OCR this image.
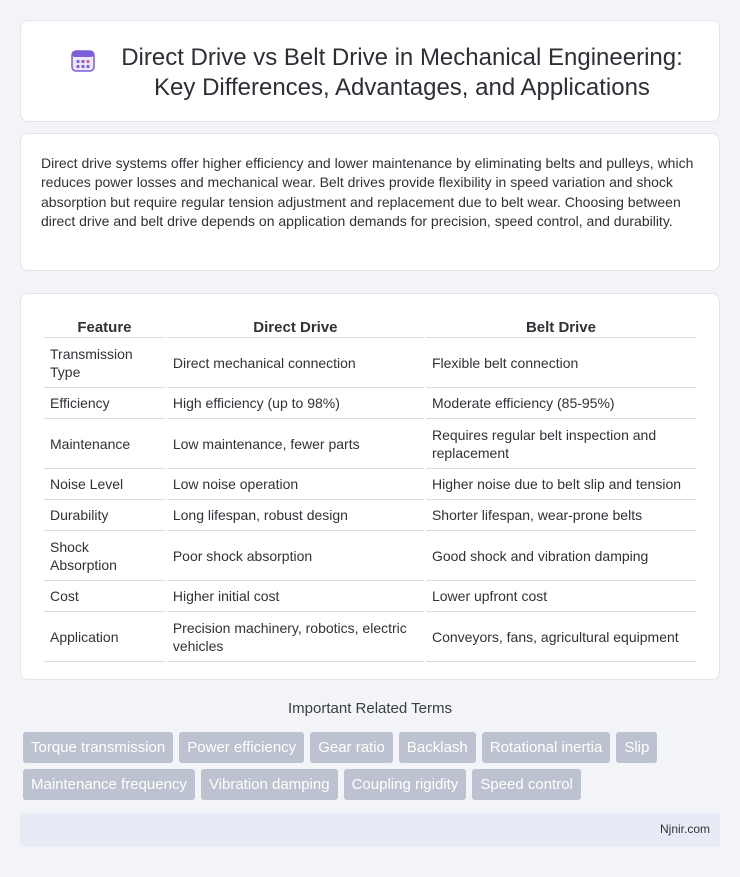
Direct Drive vs Belt Drive in Mechanical Engineering: Key Differences, Advantages, and Applications

Direct drive systems offer higher efficiency and lower maintenance by eliminating belts and pulleys, which reduces power losses and mechanical wear. Belt drives provide flexibility in speed variation and shock absorption but require regular tension adjustment and replacement due to belt wear. Choosing between direct drive and belt drive depends on application demands for precision, speed control, and durability.

Feature	Direct Drive	Belt Drive
Transmission Type	Direct mechanical connection	Flexible belt connection
Efficiency	High efficiency (up to 98%)	Moderate efficiency (85-95%)
Maintenance	Low maintenance, fewer parts	Requires regular belt inspection and replacement
Noise Level	Low noise operation	Higher noise due to belt slip and tension
Durability	Long lifespan, robust design	Shorter lifespan, wear-prone belts
Shock Absorption	Poor shock absorption	Good shock and vibration damping
Cost	Higher initial cost	Lower upfront cost
Application	Precision machinery, robotics, electric vehicles	Conveyors, fans, agricultural equipment
Important Related Terms
Torque transmission	Power efficiency	Gear ratio	Backlash	Rotational inertia	Slip
Maintenance frequency	Vibration damping	Coupling rigidity	Speed control
Njnir.com
